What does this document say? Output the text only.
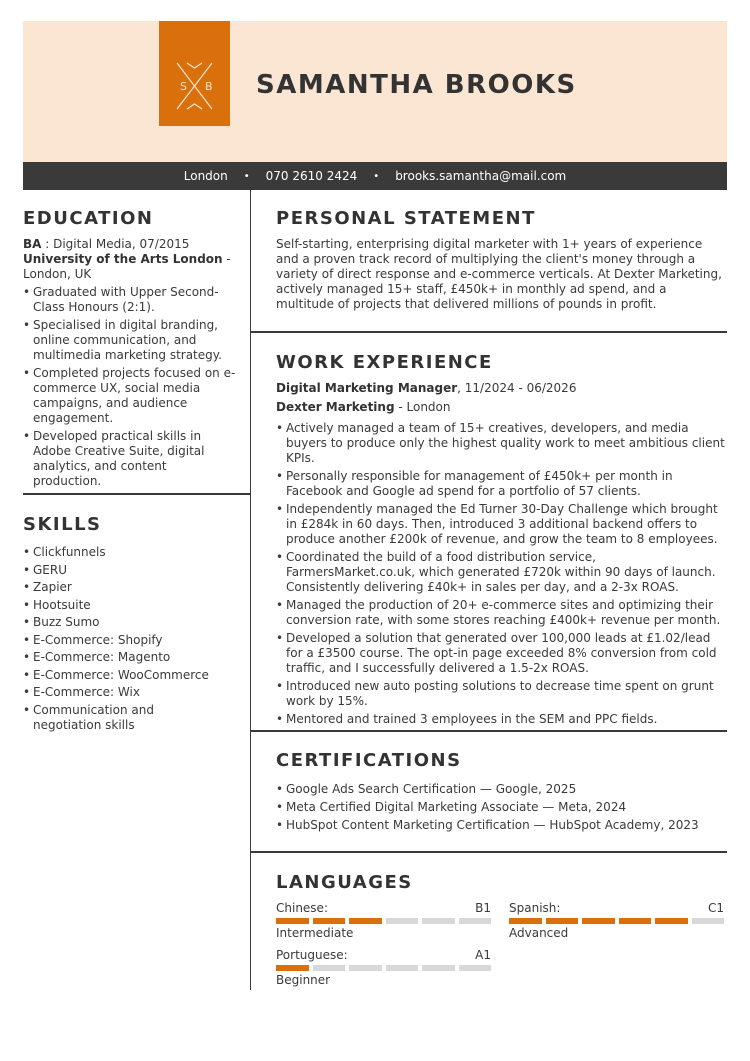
S B SAMANTHA BROOKS
London • 070 2610 2424 • brooks.samantha@mail.com
EDUCATION
BA : Digital Media, 07/2015
University of the Arts London -
London, UK
• Graduated with Upper Second-Class Honours (2:1).
• Specialised in digital branding, online communication, and multimedia marketing strategy.
• Completed projects focused on e-commerce UX, social media campaigns, and audience engagement.
• Developed practical skills in Adobe Creative Suite, digital analytics, and content production.
SKILLS
• Clickfunnels
• GERU
• Zapier
• Hootsuite
• Buzz Sumo
• E-Commerce: Shopify
• E-Commerce: Magento
• E-Commerce: WooCommerce
• E-Commerce: Wix
• Communication and negotiation skills
PERSONAL STATEMENT
Self-starting, enterprising digital marketer with 1+ years of experience and a proven track record of multiplying the client's money through a variety of direct response and e-commerce verticals. At Dexter Marketing, actively managed 15+ staff, £450k+ in monthly ad spend, and a multitude of projects that delivered millions of pounds in profit.
WORK EXPERIENCE
Digital Marketing Manager, 11/2024 - 06/2026
Dexter Marketing - London
• Actively managed a team of 15+ creatives, developers, and media buyers to produce only the highest quality work to meet ambitious client KPIs.
• Personally responsible for management of £450k+ per month in Facebook and Google ad spend for a portfolio of 57 clients.
• Independently managed the Ed Turner 30-Day Challenge which brought in £284k in 60 days. Then, introduced 3 additional backend offers to produce another £200k of revenue, and grow the team to 8 employees.
• Coordinated the build of a food distribution service, FarmersMarket.co.uk, which generated £720k within 90 days of launch. Consistently delivering £40k+ in sales per day, and a 2-3x ROAS.
• Managed the production of 20+ e-commerce sites and optimizing their conversion rate, with some stores reaching £400k+ revenue per month.
• Developed a solution that generated over 100,000 leads at £1.02/lead for a £3500 course. The opt-in page exceeded 8% conversion from cold traffic, and I successfully delivered a 1.5-2x ROAS.
• Introduced new auto posting solutions to decrease time spent on grunt work by 15%.
• Mentored and trained 3 employees in the SEM and PPC fields.
CERTIFICATIONS
• Google Ads Search Certification — Google, 2025
• Meta Certified Digital Marketing Associate — Meta, 2024
• HubSpot Content Marketing Certification — HubSpot Academy, 2023
LANGUAGES
Chinese:	B1
Intermediate
Spanish:	C1
Advanced
Portuguese:	A1
Beginner
